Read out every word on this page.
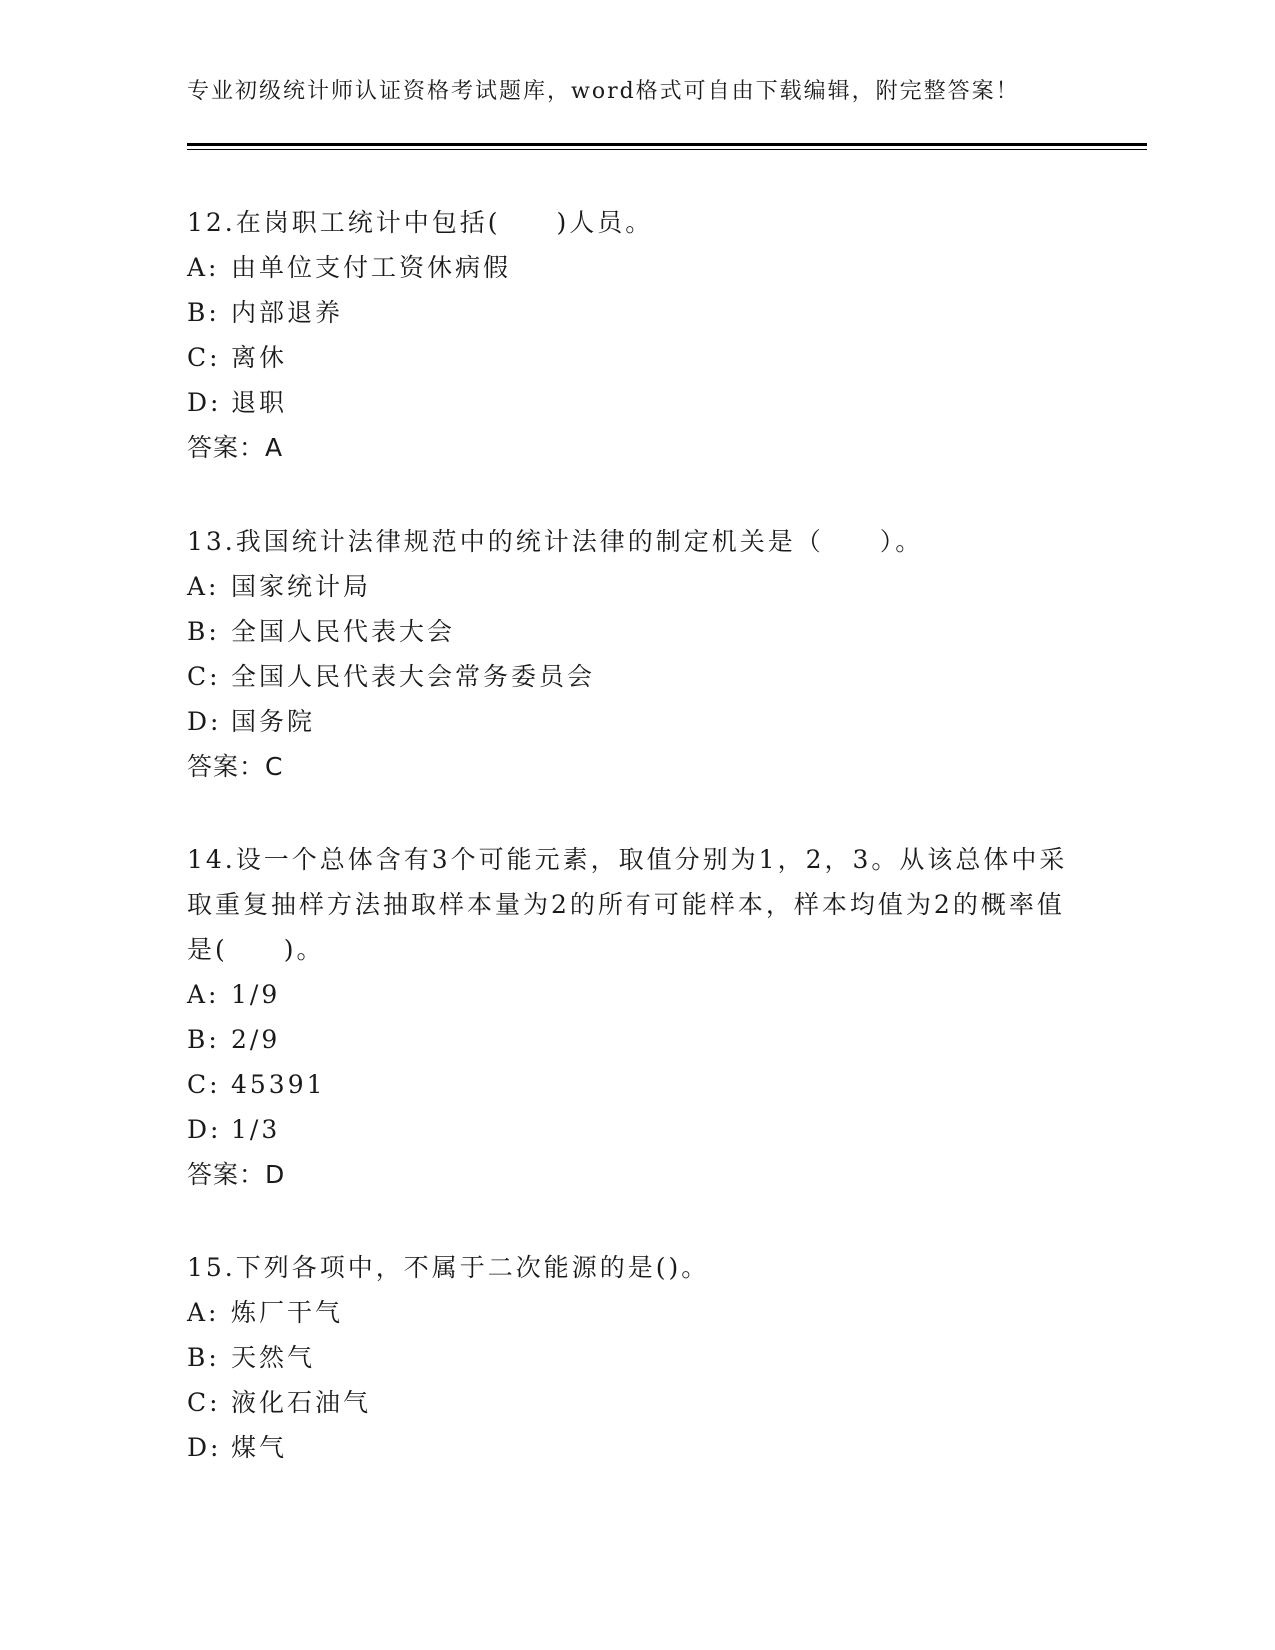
专业初级统计师认证资格考试题库，word格式可自由下载编辑，附完整答案！
12.在岗职工统计中包括(　　)人员。
A: 由单位支付工资休病假
B: 内部退养
C: 离休
D: 退职
答案：A
13.我国统计法律规范中的统计法律的制定机关是（　　）。
A: 国家统计局
B: 全国人民代表大会
C: 全国人民代表大会常务委员会
D: 国务院
答案：C
14.设一个总体含有3个可能元素，取值分别为1，2，3。从该总体中采取重复抽样方法抽取样本量为2的所有可能样本，样本均值为2的概率值是(　　)。
A: 1/9
B: 2/9
C: 45391
D: 1/3
答案：D
15.下列各项中，不属于二次能源的是()。
A: 炼厂干气
B: 天然气
C: 液化石油气
D: 煤气
